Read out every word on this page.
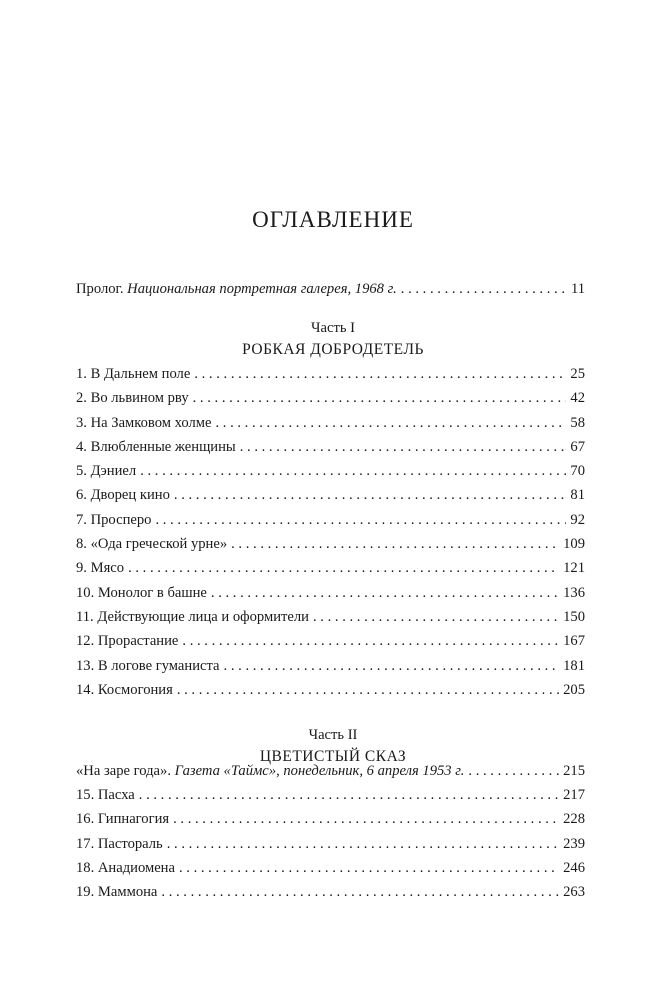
ОГЛАВЛЕНИЕ
Пролог. Национальная портретная галерея, 1968 г. . . .	11
Часть I
РОБКАЯ ДОБРОДЕТЕЛЬ
1. В Дальнем поле . . .	25
2. Во львином рву . . .	42
3. На Замковом холме . . .	58
4. Влюбленные женщины . . .	67
5. Дэниел . . .	70
6. Дворец кино . . .	81
7. Просперо . . .	92
8. «Ода греческой урне» . . .	109
9. Мясо . . .	121
10. Монолог в башне . . .	136
11. Действующие лица и оформители . . .	150
12. Прорастание . . .	167
13. В логове гуманиста . . .	181
14. Космогония . . .	205
Часть II
ЦВЕТИСТЫЙ СКАЗ
«На заре года». Газета «Таймс», понедельник, 6 апреля 1953 г. . . .	215
15. Пасха . . .	217
16. Гипнагогия . . .	228
17. Пастораль . . .	239
18. Анадиомена . . .	246
19. Маммона . . .	263
